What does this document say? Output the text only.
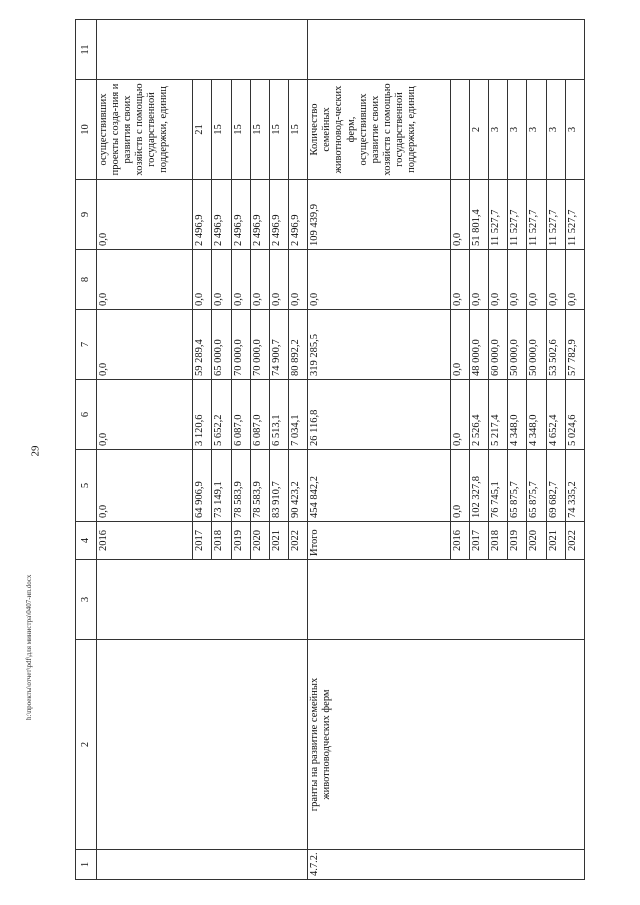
29
h:\проекты\отчет\pdf\для министра\0407-ип.docx
1	2	3	4	5	6	7	8	9	10	11
			2016	0,0	0,0	0,0	0,0	0,0	осуществивших проекты созда-ния и развития своих хозяйств с помощью государственной поддержки, единиц	
			2017	64 906,9	3 120,6	59 289,4	0,0	2 496,9	21	
			2018	73 149,1	5 652,2	65 000,0	0,0	2 496,9	15	
			2019	78 583,9	6 087,0	70 000,0	0,0	2 496,9	15	
			2020	78 583,9	6 087,0	70 000,0	0,0	2 496,9	15	
			2021	83 910,7	6 513,1	74 900,7	0,0	2 496,9	15	
			2022	90 423,2	7 034,1	80 892,2	0,0	2 496,9	15	
4.7.2.	гранты на развитие семейных животноводческих ферм		Итого	454 842,2	26 116,8	319 285,5	0,0	109 439,9	Количество семейных животновод-ческих ферм, осуществивших развитие своих хозяйств с помощью государственной поддержки, единиц	
			2016	0,0	0,0	0,0	0,0	0,0		
			2017	102 327,8	2 526,4	48 000,0	0,0	51 801,4	2	
			2018	76 745,1	5 217,4	60 000,0	0,0	11 527,7	3	
			2019	65 875,7	4 348,0	50 000,0	0,0	11 527,7	3	
			2020	65 875,7	4 348,0	50 000,0	0,0	11 527,7	3	
			2021	69 682,7	4 652,4	53 502,6	0,0	11 527,7	3	
			2022	74 335,2	5 024,6	57 782,9	0,0	11 527,7	3	
